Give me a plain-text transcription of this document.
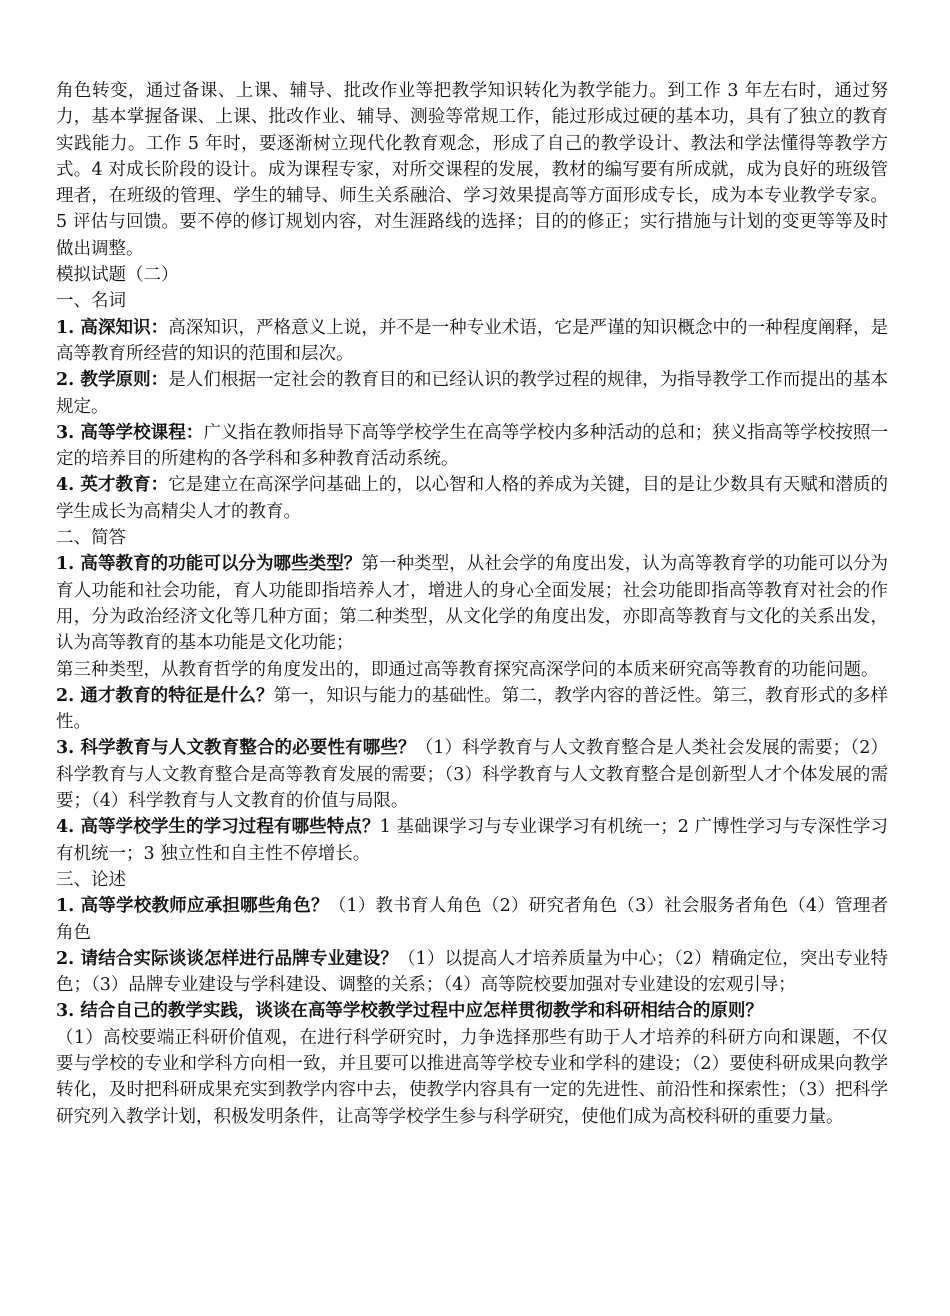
角色转变，通过备课、上课、辅导、批改作业等把教学知识转化为教学能力。到工作 3 年左右时，通过努力，基本掌握备课、上课、批改作业、辅导、测验等常规工作，能过形成过硬的基本功，具有了独立的教育实践能力。工作 5 年时，要逐渐树立现代化教育观念，形成了自己的教学设计、教法和学法懂得等教学方式。4 对成长阶段的设计。成为课程专家，对所交课程的发展，教材的编写要有所成就，成为良好的班级管理者，在班级的管理、学生的辅导、师生关系融洽、学习效果提高等方面形成专长，成为本专业教学专家。5 评估与回馈。要不停的修订规划内容，对生涯路线的选择；目的的修正；实行措施与计划的变更等等及时做出调整。

模拟试题（二）

一、名词

1. 高深知识：高深知识，严格意义上说，并不是一种专业术语，它是严谨的知识概念中的一种程度阐释，是高等教育所经营的知识的范围和层次。

2. 教学原则：是人们根据一定社会的教育目的和已经认识的教学过程的规律，为指导教学工作而提出的基本规定。

3. 高等学校课程：广义指在教师指导下高等学校学生在高等学校内多种活动的总和；狭义指高等学校按照一定的培养目的所建构的各学科和多种教育活动系统。

4. 英才教育：它是建立在高深学问基础上的，以心智和人格的养成为关键，目的是让少数具有天赋和潜质的学生成长为高精尖人才的教育。

二、简答

1. 高等教育的功能可以分为哪些类型？第一种类型，从社会学的角度出发，认为高等教育学的功能可以分为育人功能和社会功能，育人功能即指培养人才，增进人的身心全面发展；社会功能即指高等教育对社会的作用，分为政治经济文化等几种方面；第二种类型，从文化学的角度出发，亦即高等教育与文化的关系出发，认为高等教育的基本功能是文化功能；

第三种类型，从教育哲学的角度发出的，即通过高等教育探究高深学问的本质来研究高等教育的功能问题。

2. 通才教育的特征是什么？第一，知识与能力的基础性。第二，教学内容的普泛性。第三，教育形式的多样性。

3. 科学教育与人文教育整合的必要性有哪些？（1）科学教育与人文教育整合是人类社会发展的需要；（2）科学教育与人文教育整合是高等教育发展的需要；（3）科学教育与人文教育整合是创新型人才个体发展的需要；（4）科学教育与人文教育的价值与局限。

4. 高等学校学生的学习过程有哪些特点？1 基础课学习与专业课学习有机统一；2 广博性学习与专深性学习有机统一；3 独立性和自主性不停增长。

三、论述

1. 高等学校教师应承担哪些角色？（1）教书育人角色（2）研究者角色（3）社会服务者角色（4）管理者角色

2. 请结合实际谈谈怎样进行品牌专业建设？（1）以提高人才培养质量为中心；（2）精确定位，突出专业特色；（3）品牌专业建设与学科建设、调整的关系；（4）高等院校要加强对专业建设的宏观引导；

3. 结合自己的教学实践，谈谈在高等学校教学过程中应怎样贯彻教学和科研相结合的原则？

（1）高校要端正科研价值观，在进行科学研究时，力争选择那些有助于人才培养的科研方向和课题，不仅要与学校的专业和学科方向相一致，并且要可以推进高等学校专业和学科的建设；（2）要使科研成果向教学转化，及时把科研成果充实到教学内容中去，使教学内容具有一定的先进性、前沿性和探索性；（3）把科学研究列入教学计划，积极发明条件，让高等学校学生参与科学研究，使他们成为高校科研的重要力量。
